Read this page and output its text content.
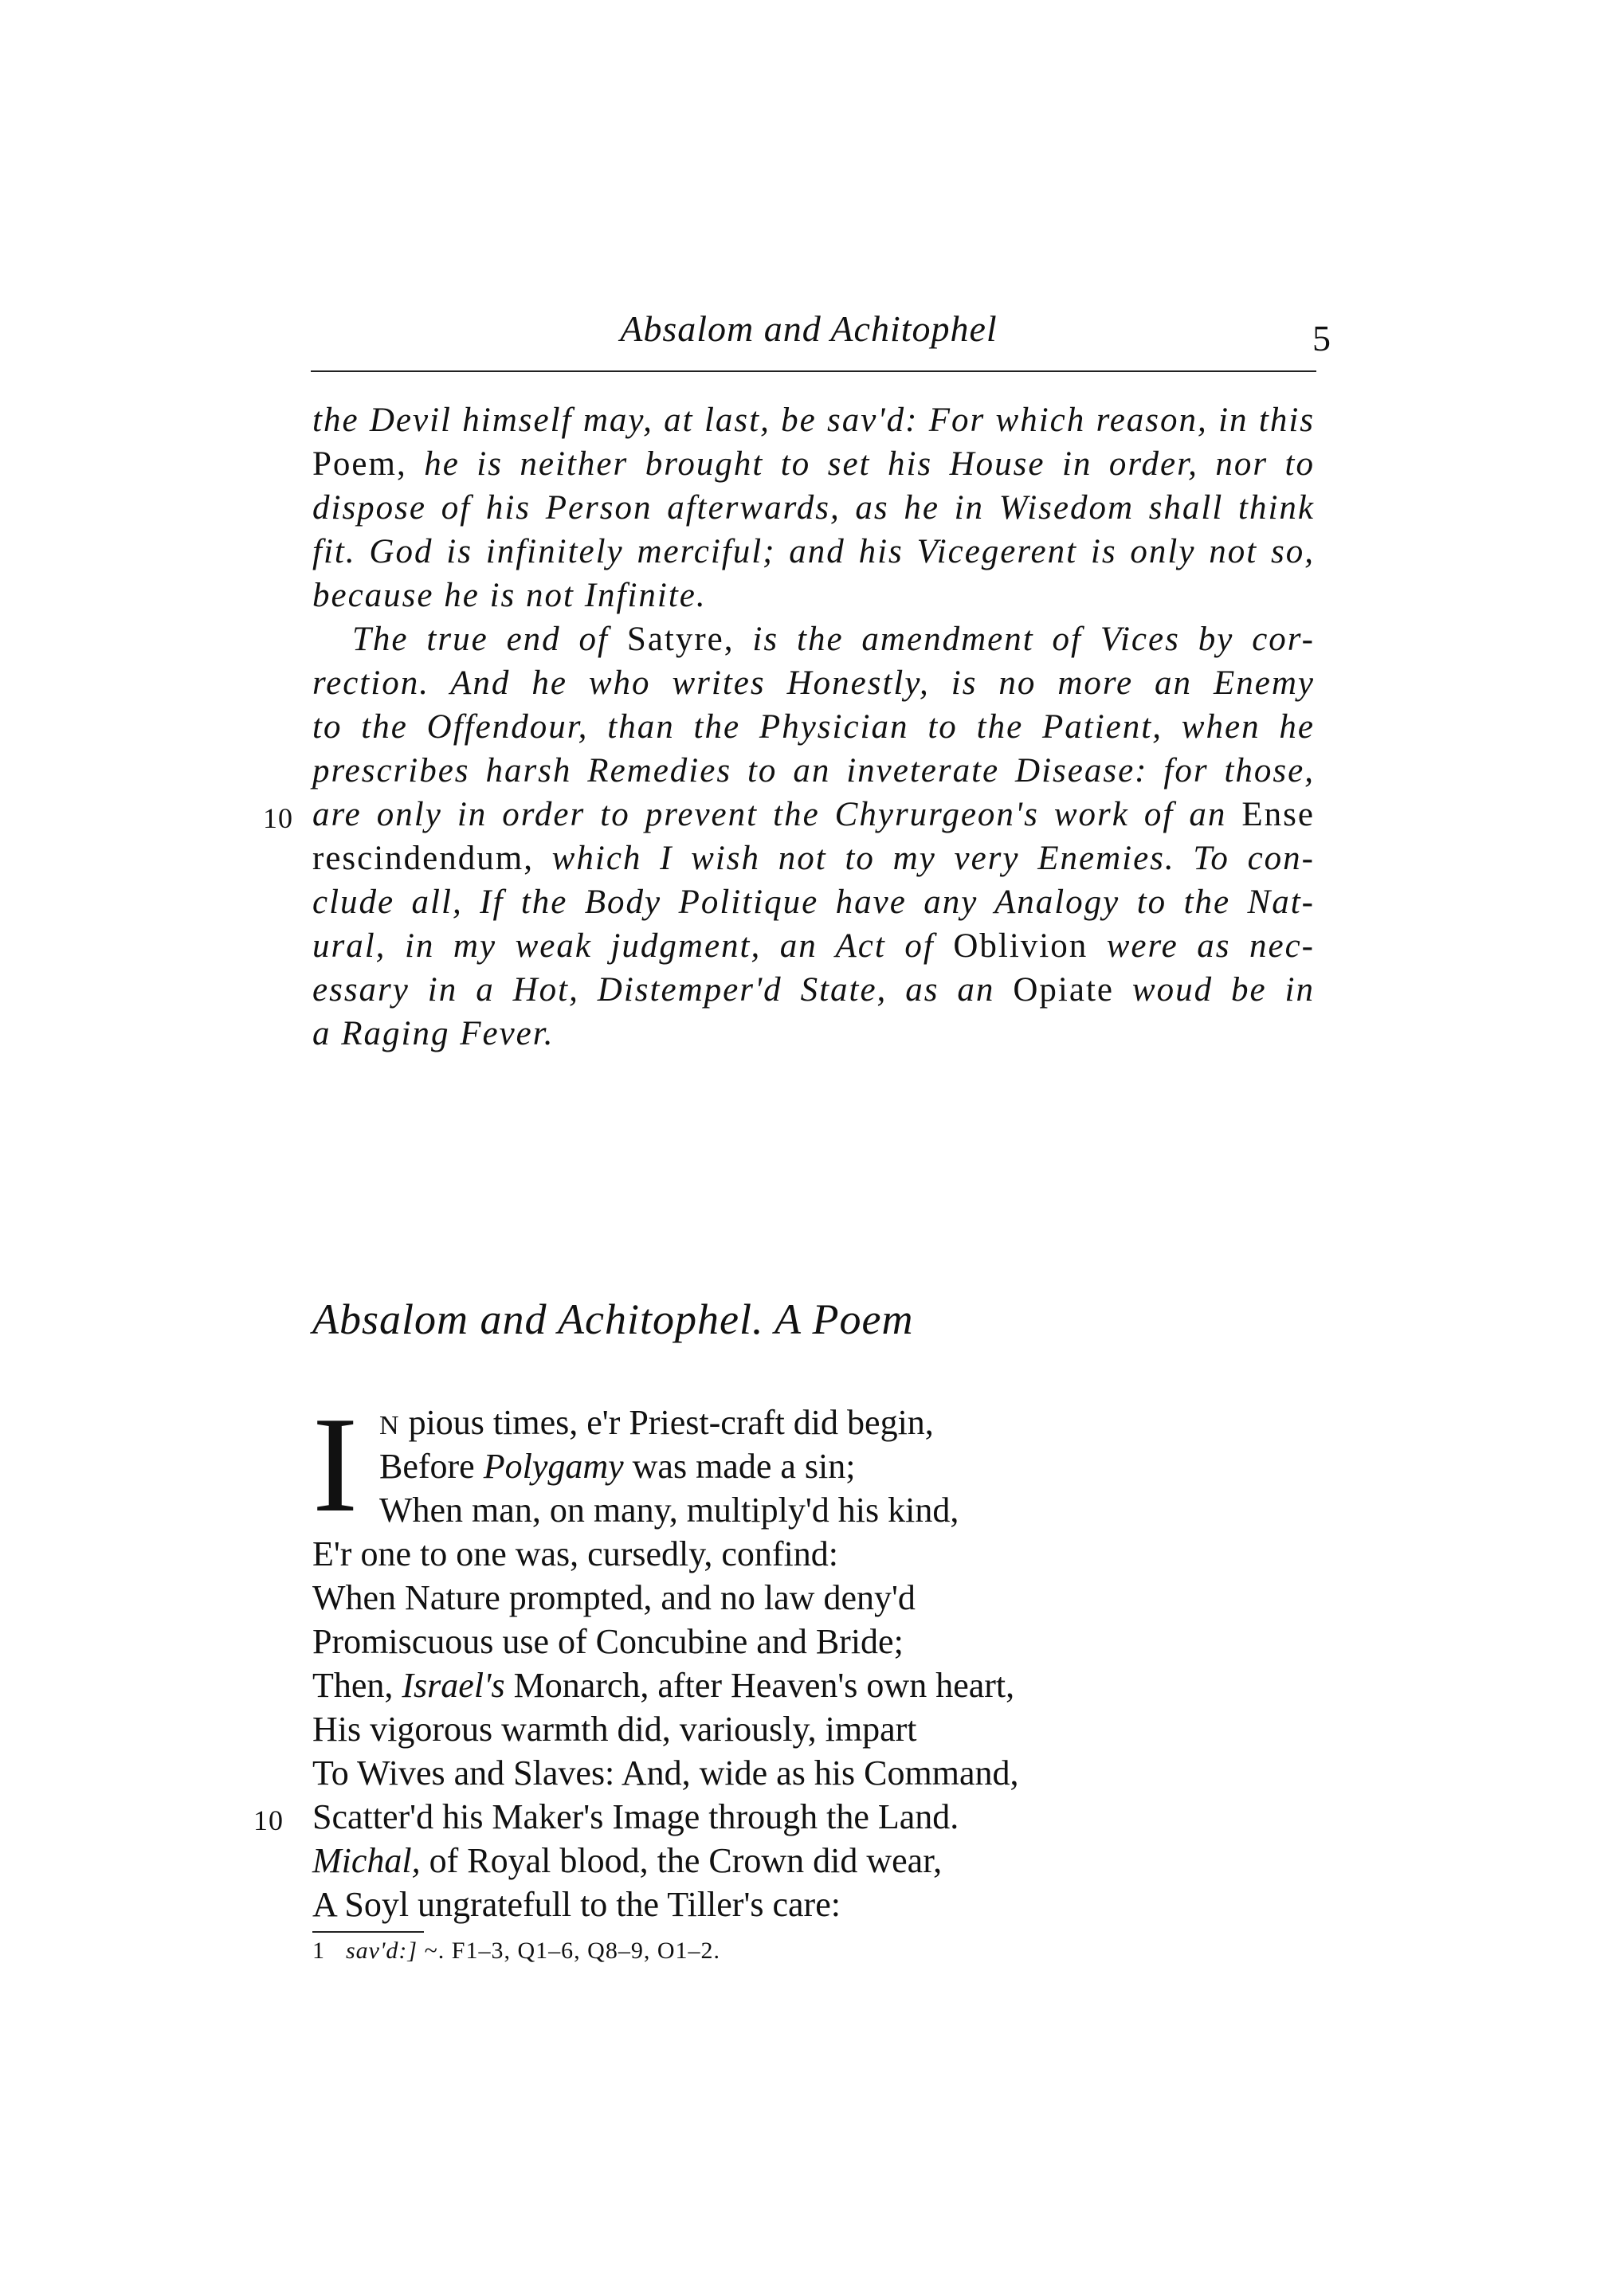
Absalom and Achitophel	5
the Devil himself may, at last, be sav'd: For which reason, in this
Poem, he is neither brought to set his House in order, nor to
dispose of his Person afterwards, as he in Wisedom shall think
fit. God is infinitely merciful; and his Vicegerent is only not so,
because he is not Infinite.
The true end of Satyre, is the amendment of Vices by cor-
rection. And he who writes Honestly, is no more an Enemy
to the Offendour, than the Physician to the Patient, when he
prescribes harsh Remedies to an inveterate Disease: for those,
are only in order to prevent the Chyrurgeon's work of an Ense
rescindendum, which I wish not to my very Enemies. To con-
clude all, If the Body Politique have any Analogy to the Nat-
ural, in my weak judgment, an Act of Oblivion were as nec-
essary in a Hot, Distemper'd State, as an Opiate woud be in
a Raging Fever.
10
Absalom and Achitophel. A Poem
I N pious times, e'r Priest-craft did begin,
Before Polygamy was made a sin;
When man, on many, multiply'd his kind,
E'r one to one was, cursedly, confind:
When Nature prompted, and no law deny'd
Promiscuous use of Concubine and Bride;
Then, Israel's Monarch, after Heaven's own heart,
His vigorous warmth did, variously, impart
To Wives and Slaves: And, wide as his Command,
Scatter'd his Maker's Image through the Land.
Michal, of Royal blood, the Crown did wear,
A Soyl ungratefull to the Tiller's care:
10
1 sav'd:] ~. F1–3, Q1–6, Q8–9, O1–2.
